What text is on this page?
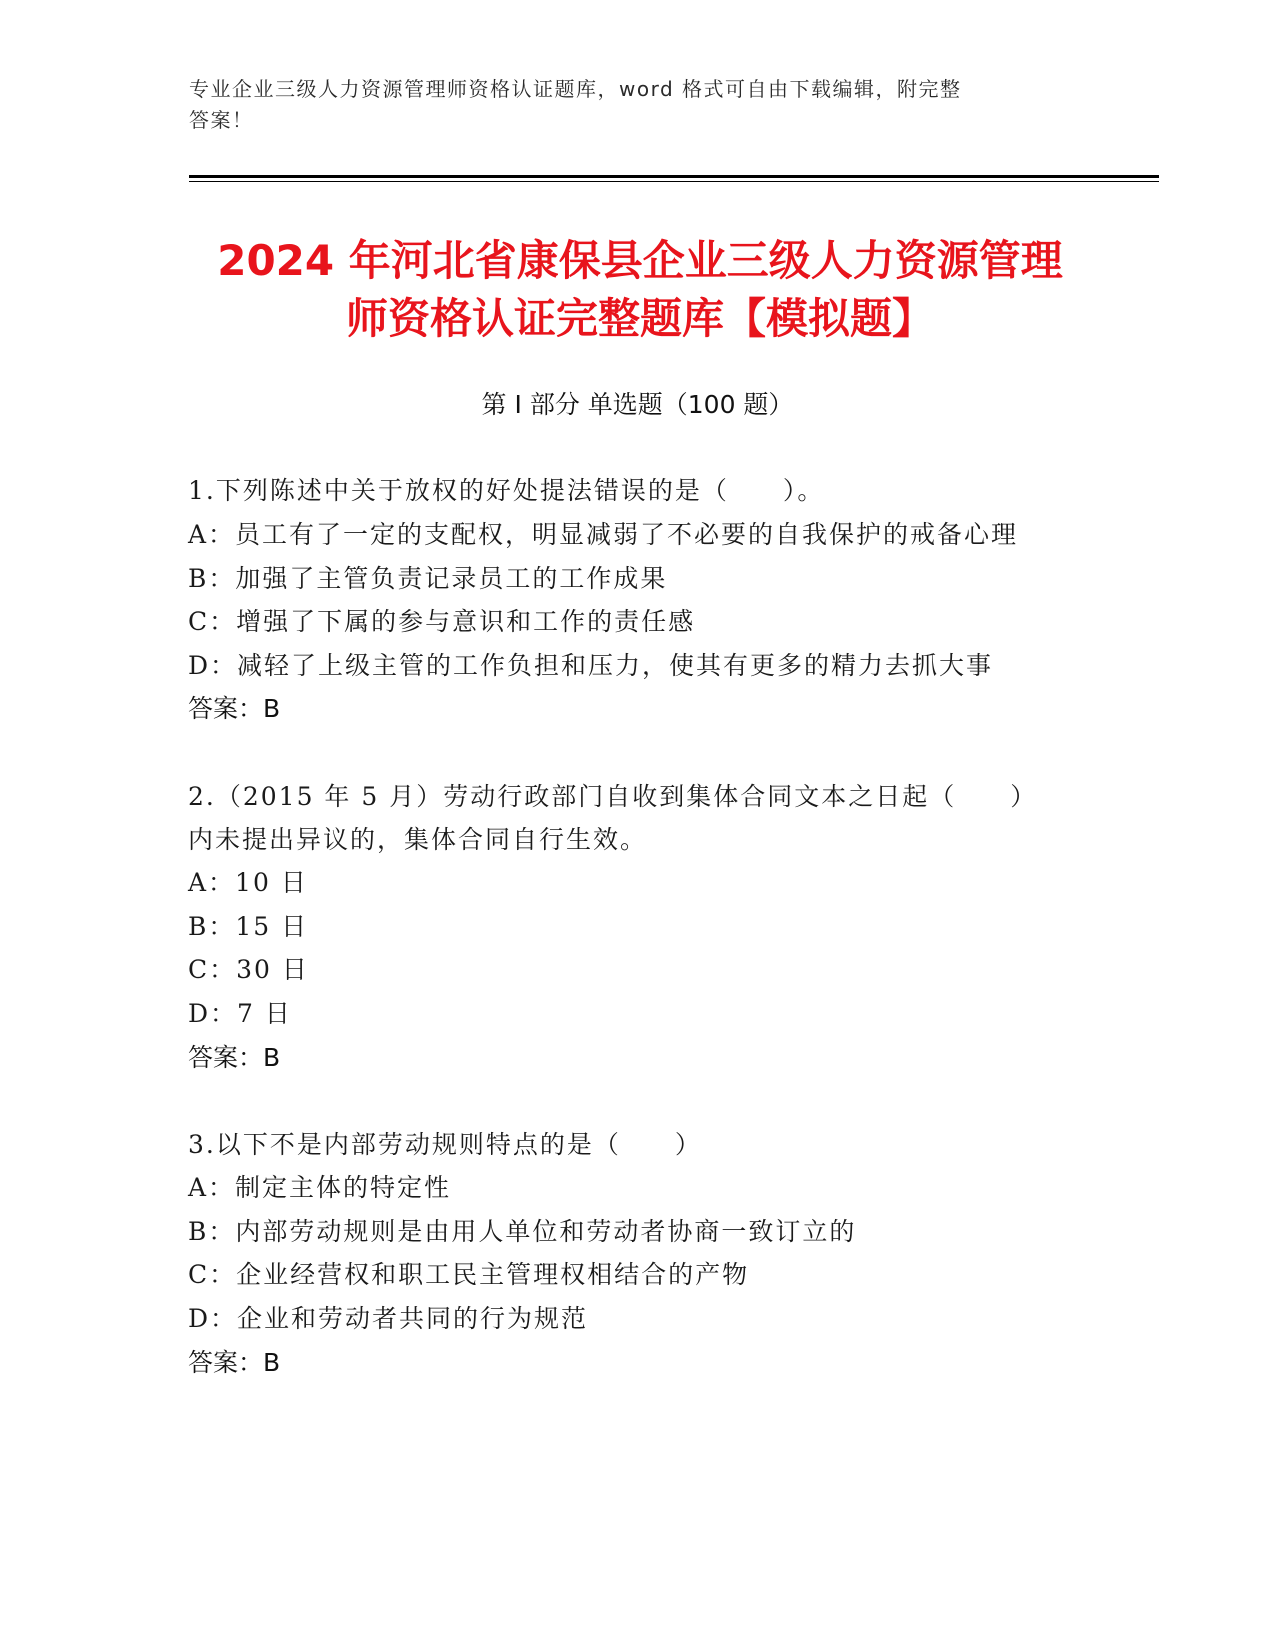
专业企业三级人力资源管理师资格认证题库，word 格式可自由下载编辑，附完整
答案！
2024 年河北省康保县企业三级人力资源管理
师资格认证完整题库【模拟题】
第 I 部分 单选题（100 题）
1.下列陈述中关于放权的好处提法错误的是（　　）。
A：员工有了一定的支配权，明显减弱了不必要的自我保护的戒备心理
B：加强了主管负责记录员工的工作成果
C：增强了下属的参与意识和工作的责任感
D：减轻了上级主管的工作负担和压力，使其有更多的精力去抓大事
答案：B
2.（2015 年 5 月）劳动行政部门自收到集体合同文本之日起（　　）
内未提出异议的，集体合同自行生效。
A：10 日
B：15 日
C：30 日
D：7 日
答案：B
3.以下不是内部劳动规则特点的是（　　）
A：制定主体的特定性
B：内部劳动规则是由用人单位和劳动者协商一致订立的
C：企业经营权和职工民主管理权相结合的产物
D：企业和劳动者共同的行为规范
答案：B
